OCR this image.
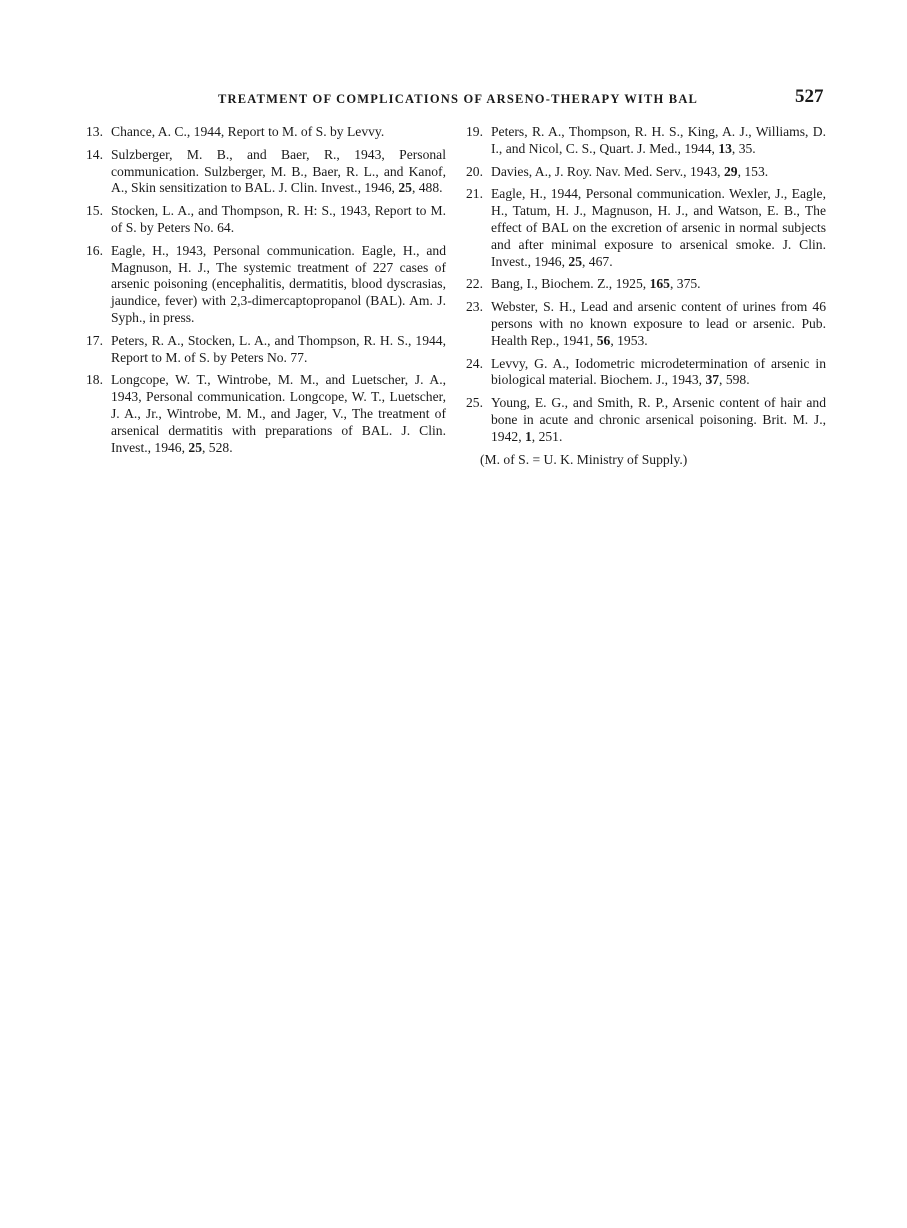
TREATMENT OF COMPLICATIONS OF ARSENO-THERAPY WITH BAL	527

13. Chance, A. C., 1944, Report to M. of S. by Levvy.

14. Sulzberger, M. B., and Baer, R., 1943, Personal communication. Sulzberger, M. B., Baer, R. L., and Kanof, A., Skin sensitization to BAL. J. Clin. Invest., 1946, 25, 488.

15. Stocken, L. A., and Thompson, R. H: S., 1943, Report to M. of S. by Peters No. 64.

16. Eagle, H., 1943, Personal communication. Eagle, H., and Magnuson, H. J., The systemic treatment of 227 cases of arsenic poisoning (encephalitis, dermatitis, blood dyscrasias, jaundice, fever) with 2,3-dimercaptopropanol (BAL). Am. J. Syph., in press.

17. Peters, R. A., Stocken, L. A., and Thompson, R. H. S., 1944, Report to M. of S. by Peters No. 77.

18. Longcope, W. T., Wintrobe, M. M., and Luetscher, J. A., 1943, Personal communication. Longcope, W. T., Luetscher, J. A., Jr., Wintrobe, M. M., and Jager, V., The treatment of arsenical dermatitis with preparations of BAL. J. Clin. Invest., 1946, 25, 528.

19. Peters, R. A., Thompson, R. H. S., King, A. J., Williams, D. I., and Nicol, C. S., Quart. J. Med., 1944, 13, 35.

20. Davies, A., J. Roy. Nav. Med. Serv., 1943, 29, 153.

21. Eagle, H., 1944, Personal communication. Wexler, J., Eagle, H., Tatum, H. J., Magnuson, H. J., and Watson, E. B., The effect of BAL on the excretion of arsenic in normal subjects and after minimal exposure to arsenical smoke. J. Clin. Invest., 1946, 25, 467.

22. Bang, I., Biochem. Z., 1925, 165, 375.

23. Webster, S. H., Lead and arsenic content of urines from 46 persons with no known exposure to lead or arsenic. Pub. Health Rep., 1941, 56, 1953.

24. Levvy, G. A., Iodometric microdetermination of arsenic in biological material. Biochem. J., 1943, 37, 598.

25. Young, E. G., and Smith, R. P., Arsenic content of hair and bone in acute and chronic arsenical poisoning. Brit. M. J., 1942, 1, 251.

(M. of S. = U. K. Ministry of Supply.)
